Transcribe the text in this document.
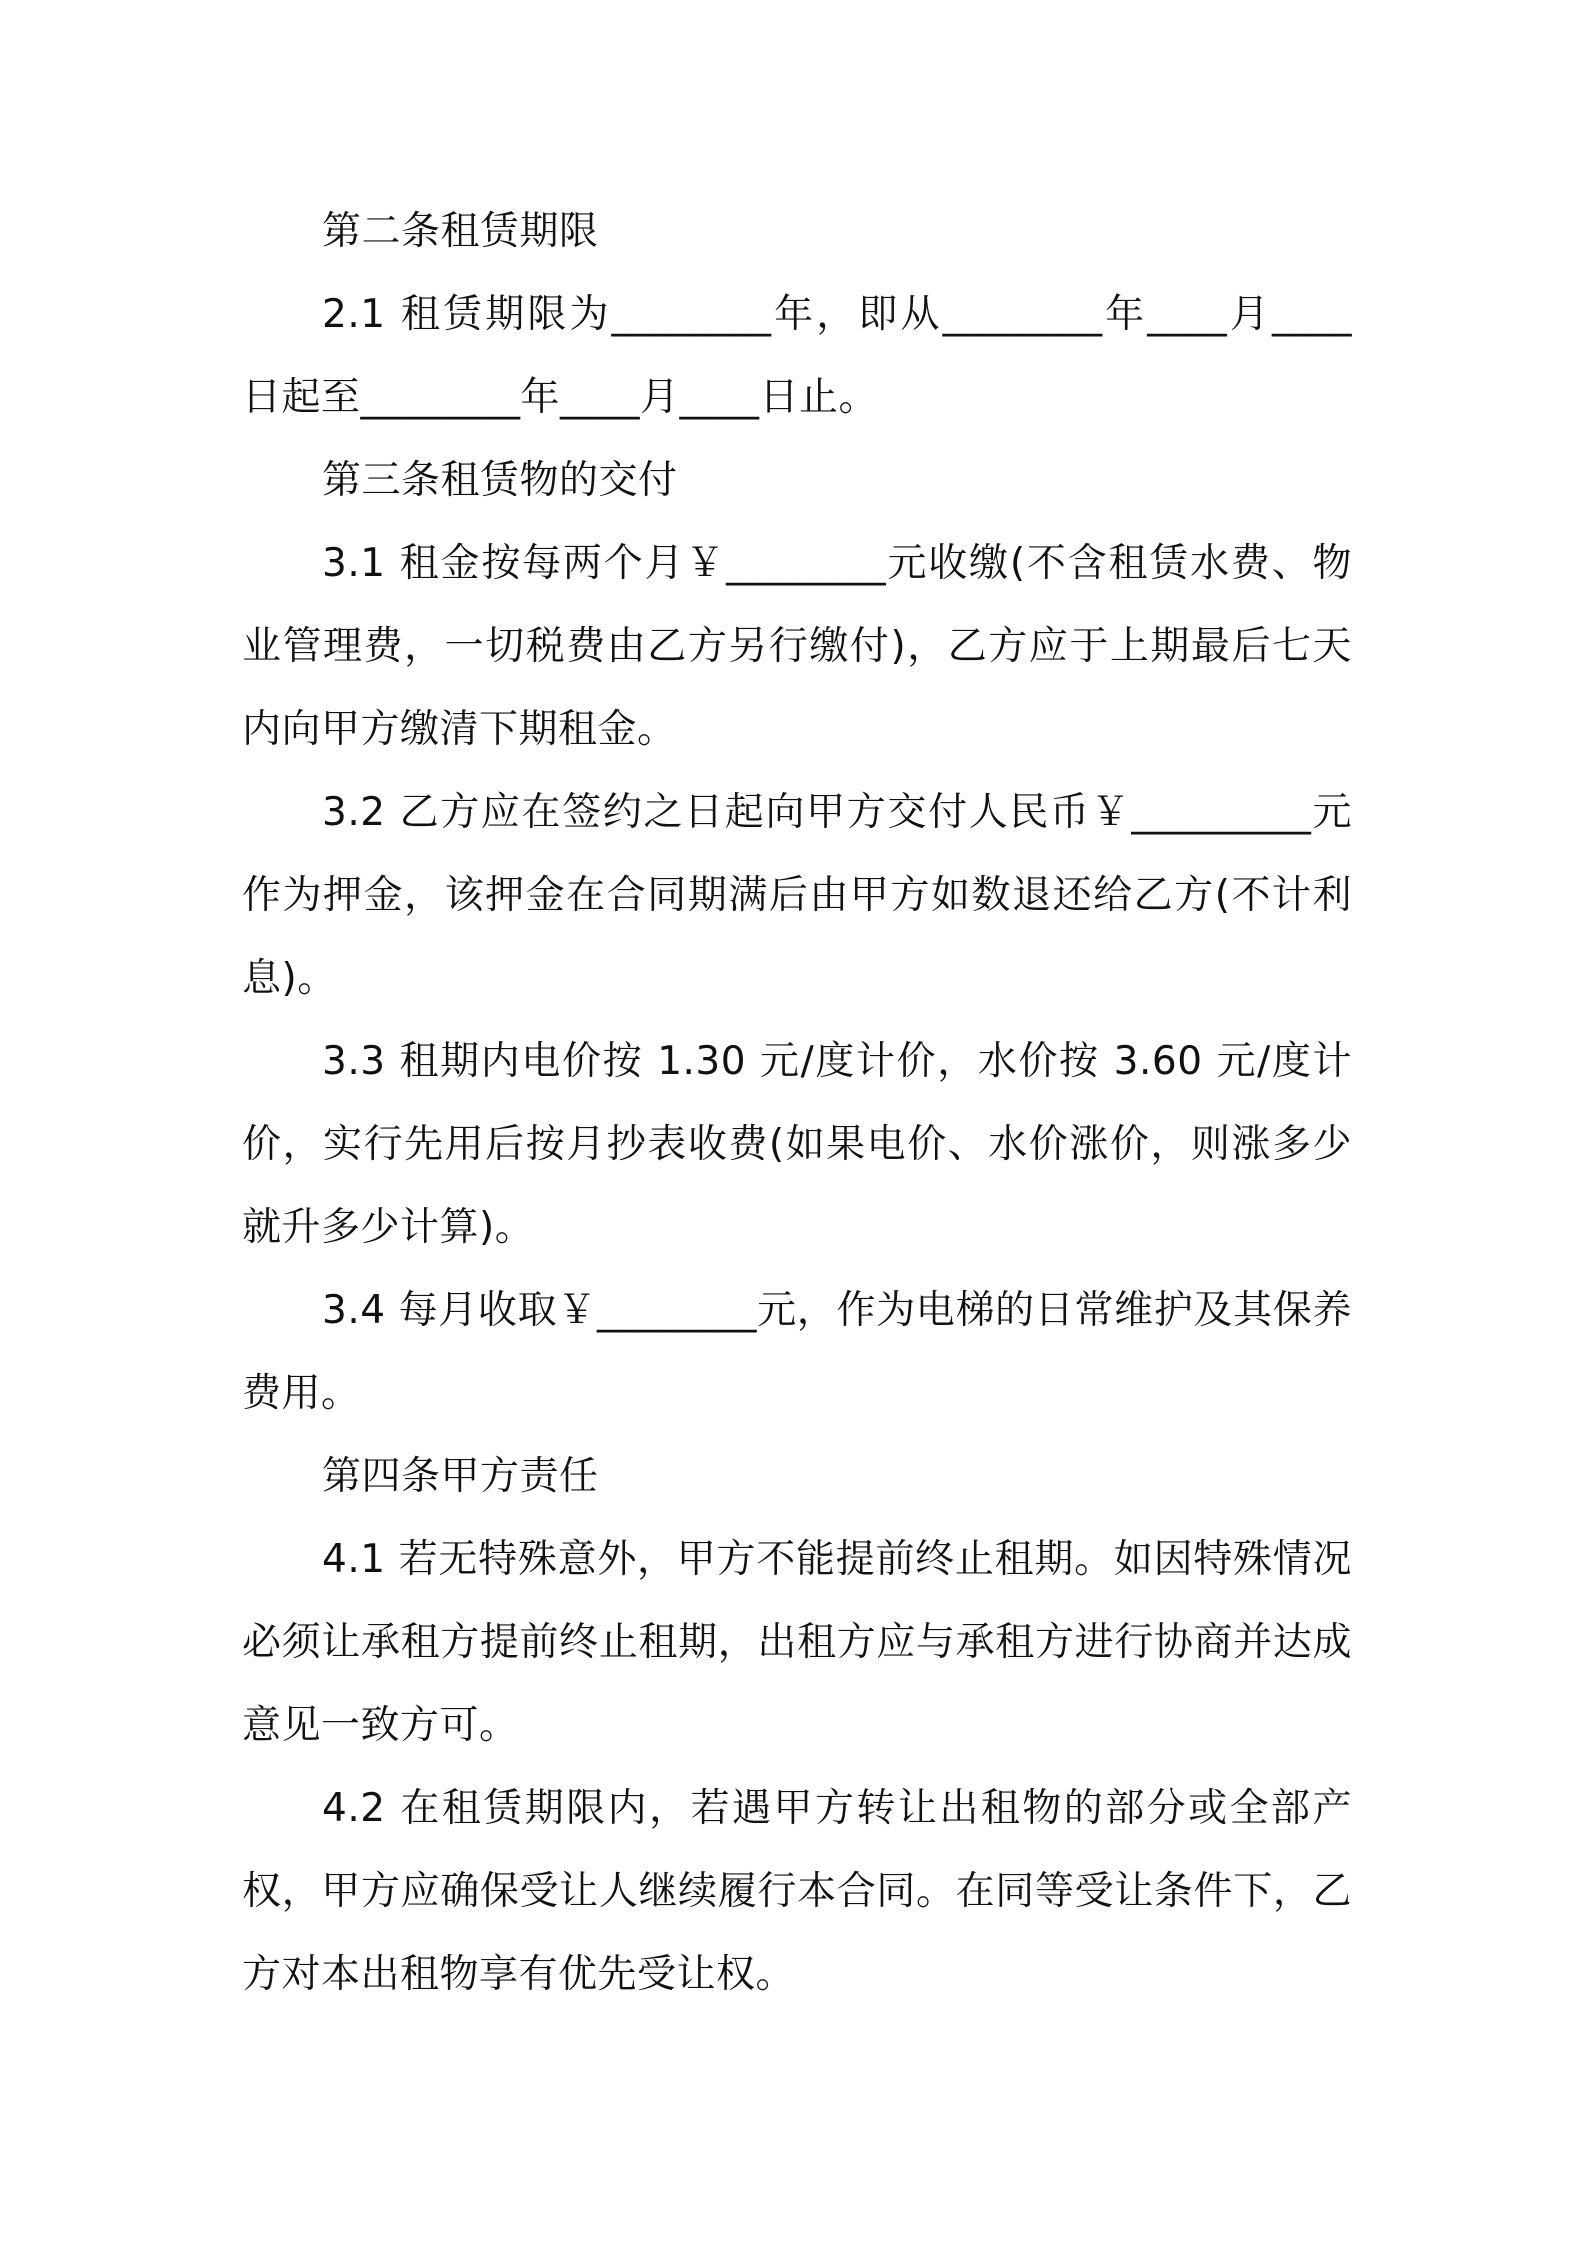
第二条租赁期限

2.1 租赁期限为________年，即从________年____月____日起至________年____月____日止。

第三条租赁物的交付

3.1 租金按每两个月￥________元收缴(不含租赁水费、物业管理费，一切税费由乙方另行缴付)，乙方应于上期最后七天内向甲方缴清下期租金。

3.2 乙方应在签约之日起向甲方交付人民币￥_________元作为押金，该押金在合同期满后由甲方如数退还给乙方(不计利息)。

3.3 租期内电价按 1.30 元/度计价，水价按 3.60 元/度计价，实行先用后按月抄表收费(如果电价、水价涨价，则涨多少就升多少计算)。

3.4 每月收取￥________元，作为电梯的日常维护及其保养费用。

第四条甲方责任

4.1 若无特殊意外，甲方不能提前终止租期。如因特殊情况必须让承租方提前终止租期，出租方应与承租方进行协商并达成意见一致方可。

4.2 在租赁期限内，若遇甲方转让出租物的部分或全部产权，甲方应确保受让人继续履行本合同。在同等受让条件下，乙方对本出租物享有优先受让权。
